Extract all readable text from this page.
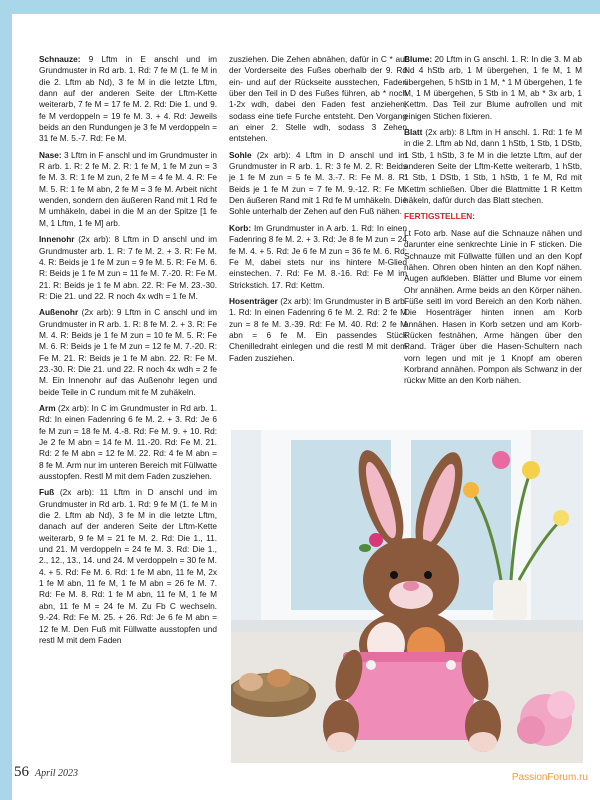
Schnauze: 9 Lftm in E anschl und im Grundmuster in Rd arb. 1. Rd: 7 fe M (1. fe M in die 2. Lftm ab Nd), 3 fe M in die letzte Lftm, dann auf der anderen Seite der Lftm-Kette weiterarb, 7 fe M = 17 fe M. 2. Rd: Die 1. und 9. fe M verdoppeln = 19 fe M. 3. + 4. Rd: Jeweils beids an den Rundungen je 3 fe M verdoppeln = 31 fe M. 5.-7. Rd: Fe M.

Nase: 3 Lftm in F anschl und im Grundmuster in R arb. 1. R: 2 fe M. 2. R: 1 fe M, 1 fe M zun = 3 fe M. 3. R: 1 fe M zun, 2 fe M = 4 fe M. 4. R: Fe M. 5. R: 1 fe M abn, 2 fe M = 3 fe M. Arbeit nicht wenden, sondern den äußeren Rand mit 1 Rd fe M umhäkeln, dabei in die M an der Spitze [1 fe M, 1 Lftm, 1 fe M] arb.

Innenohr (2x arb): 8 Lftm in D anschl und im Grundmuster arb. 1. R: 7 fe M. 2. + 3. R: Fe M. 4. R: Beids je 1 fe M zun = 9 fe M. 5. R: Fe M. 6. R: Beids je 1 fe M zun = 11 fe M. 7.-20. R: Fe M. 21. R: Beids je 1 fe M abn. 22. R: Fe M. 23.-30. R: Die 21. und 22. R noch 4x wdh = 1 fe M.

Außenohr (2x arb): 9 Lftm in C anschl und im Grundmuster in R arb. 1. R: 8 fe M. 2. + 3. R: Fe M. 4. R: Beids je 1 fe M zun = 10 fe M. 5. R: Fe M. 6. R: Beids je 1 fe M zun = 12 fe M. 7.-20. R: Fe M. 21. R: Beids je 1 fe M abn. 22. R: Fe M. 23.-30. R: Die 21. und 22. R noch 4x wdh = 2 fe M. Ein Innenohr auf das Außenohr legen und beide Teile in C rundum mit fe M zuhäkeln.

Arm (2x arb): In C im Grundmuster in Rd arb. 1. Rd: In einen Fadenring 6 fe M. 2. + 3. Rd: Je 6 fe M zun = 18 fe M. 4.-8. Rd: Fe M. 9. + 10. Rd: Je 2 fe M abn = 14 fe M. 11.-20. Rd: Fe M. 21. Rd: 2 fe M abn = 12 fe M. 22. Rd: 4 fe M abn = 8 fe M. Arm nur im unteren Bereich mit Füllwatte ausstopfen. Restl M mit dem Faden zusziehen.

Fuß (2x arb): 11 Lftm in D anschl und im Grundmuster in Rd arb. 1. Rd: 9 fe M (1. fe M in die 2. Lftm ab Nd), 3 fe M in die letzte Lftm, danach auf der anderen Seite der Lftm-Kette weiterarb, 9 fe M = 21 fe M. 2. Rd: Die 1., 11. und 21. M verdoppeln = 24 fe M. 3. Rd: Die 1., 2., 12., 13., 14. und 24. M verdoppeln = 30 fe M. 4. + 5. Rd: Fe M. 6. Rd: 1 fe M abn, 11 fe M, 2x 1 fe M abn, 11 fe M, 1 fe M abn = 26 fe M. 7. Rd: Fe M. 8. Rd: 1 fe M abn, 11 fe M, 1 fe M abn, 11 fe M = 24 fe M. Zu Fb C wechseln. 9.-24. Rd: Fe M. 25. + 26. Rd: Je 6 fe M abn = 12 fe M. Den Fuß mit Füllwatte ausstopfen und restl M mit dem Faden

zusziehen. Die Zehen abnähen, dafür in C * auf der Vorderseite des Fußes oberhalb der 9. Rd ein- und auf der Rückseite ausstechen, Faden über den Teil in D des Fußes führen, ab * noch 1-2x wdh, dabei den Faden fest anziehen, sodass eine tiefe Furche entsteht. Den Vorgang an einer 2. Stelle wdh, sodass 3 Zehen entstehen.

Sohle (2x arb): 4 Lftm in D anschl und im Grundmuster in R arb. 1. R: 3 fe M. 2. R: Beids je 1 fe M zun = 5 fe M. 3.-7. R: Fe M. 8. R: Beids je 1 fe M zun = 7 fe M. 9.-12. R: Fe M. Den äußeren Rand mit 1 Rd fe M umhäkeln. Die Sohle unterhalb der Zehen auf den Fuß nähen.

Korb: Im Grundmuster in A arb. 1. Rd: In einen Fadenring 8 fe M. 2. + 3. Rd: Je 8 fe M zun = 24 fe M. 4. + 5. Rd: Je 6 fe M zun = 36 fe M. 6. Rd: Fe M, dabei stets nur ins hintere M-Glied einstechen. 7. Rd: Fe M. 8.-16. Rd: Fe M im Strickstich. 17. Rd: Kettm.

Hosenträger (2x arb): Im Grundmuster in B arb. 1. Rd: In einen Fadenring 6 fe M. 2. Rd: 2 fe M zun = 8 fe M. 3.-39. Rd: Fe M. 40. Rd: 2 fe M abn = 6 fe M. Ein passendes Stück Chenilledraht einlegen und die restl M mit dem Faden zusziehen.

Blume: 20 Lftm in G anschl. 1. R: In die 3. M ab Nd 4 hStb arb, 1 M übergehen, 1 fe M, 1 M übergehen, 5 hStb in 1 M, * 1 M übergehen, 1 fe M, 1 M übergehen, 5 Stb in 1 M, ab * 3x arb, 1 Kettm. Das Teil zur Blume aufrollen und mit einigen Stichen fixieren.

Blatt (2x arb): 8 Lftm in H anschl. 1. Rd: 1 fe M in die 2. Lftm ab Nd, dann 1 hStb, 1 Stb, 1 DStb, 1 Stb, 1 hStb, 3 fe M in die letzte Lftm, auf der anderen Seite der Lftm-Kette weiterarb, 1 hStb, 1 Stb, 1 DStb, 1 Stb, 1 hStb, 1 fe M, Rd mit Kettm schließen. Über die Blattmitte 1 R Kettm häkeln, dafür durch das Blatt stechen.

FERTIGSTELLEN:

Lt Foto arb. Nase auf die Schnauze nähen und darunter eine senkrechte Linie in F sticken. Die Schnauze mit Füllwatte füllen und an den Kopf nähen. Ohren oben hinten an den Kopf nähen. Augen aufkleben. Blätter und Blume vor einem Ohr annähen. Arme beids an den Körper nähen. Füße seitl im vord Bereich an den Korb nähen. Die Hosenträger hinten innen am Korb annähen. Hasen in Korb setzen und am Korb-Rücken festnähen, Arme hängen über den Rand. Träger über die Hasen-Schultern nach vorn legen und mit je 1 Knopf am oberen Korbrand annähen. Pompon als Schwanz in der rückw Mitte an den Korb nähen.

56 April 2023	PassionForum.ru
